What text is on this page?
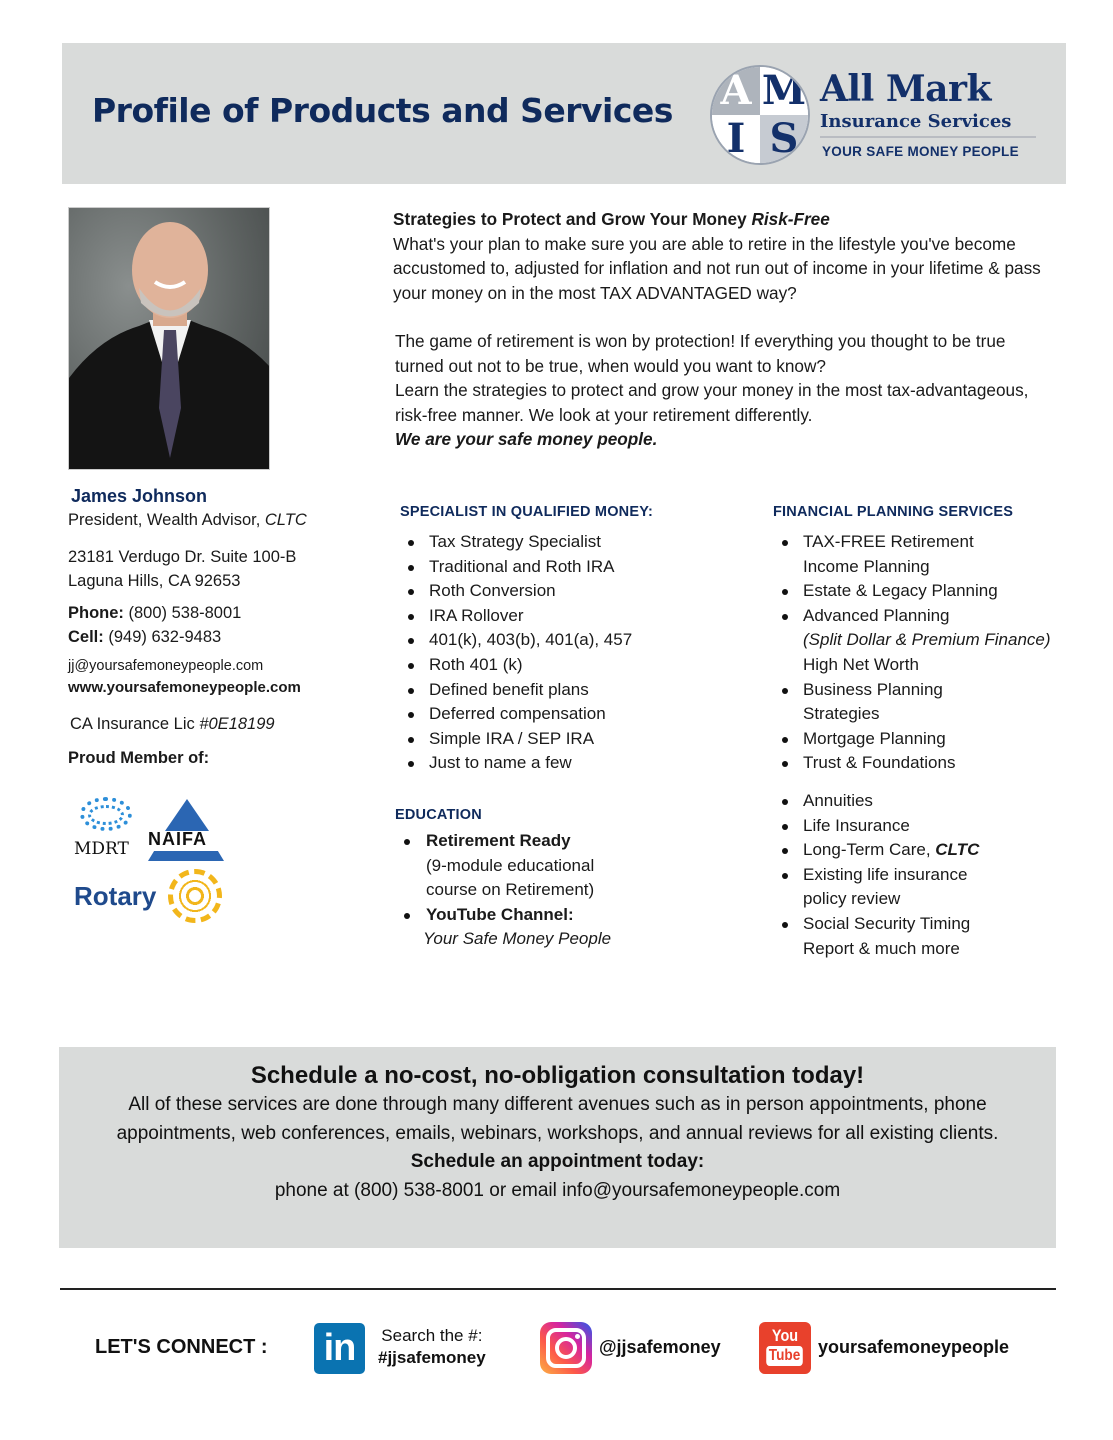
Profile of Products and Services A M
I S
All Mark
Insurance Services
YOUR SAFE MONEY PEOPLE

Strategies to Protect and Grow Your Money Risk-Free
What's your plan to make sure you are able to retire in the lifestyle you've become accustomed to, adjusted for inflation and not run out of income in your lifetime & pass your money on in the most TAX ADVANTAGED way?

The game of retirement is won by protection! If everything you thought to be true turned out not to be true, when would you want to know?
Learn the strategies to protect and grow your money in the most tax-advantageous, risk-free manner. We look at your retirement differently.
We are your safe money people.

James Johnson
President, Wealth Advisor, CLTC
23181 Verdugo Dr. Suite 100-B
Laguna Hills, CA 92653
Phone: (800) 538-8001
Cell: (949) 632-9483
jj@yoursafemoneypeople.com
www.yoursafemoneypeople.com
CA Insurance Lic #0E18199
Proud Member of:
MDRT NAIFA
Rotary
SPECIALIST IN QUALIFIED MONEY:
Tax Strategy Specialist
Traditional and Roth IRA
Roth Conversion
IRA Rollover
401(k), 403(b), 401(a), 457
Roth 401 (k)
Defined benefit plans
Deferred compensation
Simple IRA / SEP IRA
Just to name a few
EDUCATION
Retirement Ready
(9-module educational course on Retirement)
YouTube Channel:
Your Safe Money People
FINANCIAL PLANNING SERVICES
TAX-FREE Retirement Income Planning
Estate & Legacy Planning
Advanced Planning
(Split Dollar & Premium Finance) High Net Worth
Business Planning Strategies
Mortgage Planning
Trust & Foundations
Annuities
Life Insurance
Long-Term Care, CLTC
Existing life insurance policy review
Social Security Timing Report & much more
Schedule a no-cost, no-obligation consultation today!
All of these services are done through many different avenues such as in person appointments, phone appointments, web conferences, emails, webinars, workshops, and annual reviews for all existing clients.
Schedule an appointment today:
phone at (800) 538-8001 or email info@yoursafemoneypeople.com
LET'S CONNECT : in	Search the #:
#jjsafemoney
@jjsafemoney
You
Tube yoursafemoneypeople
